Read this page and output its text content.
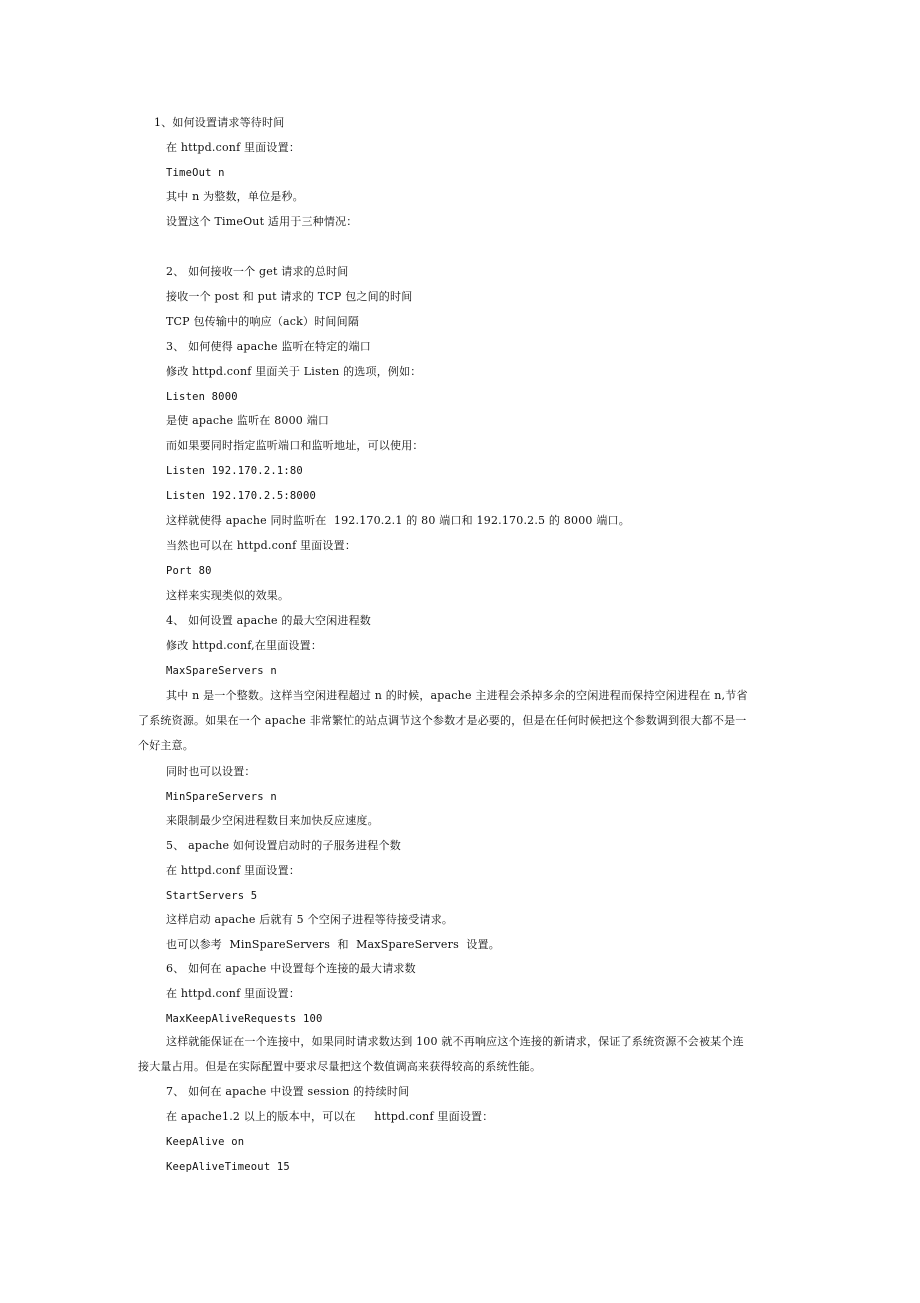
1、如何设置请求等待时间
在 httpd.conf 里面设置：
TimeOut n
其中 n 为整数，单位是秒。
设置这个 TimeOut 适用于三种情况：
2、 如何接收一个 get 请求的总时间
接收一个 post 和 put 请求的 TCP 包之间的时间
TCP 包传输中的响应（ack）时间间隔
3、 如何使得 apache 监听在特定的端口
修改 httpd.conf 里面关于 Listen 的选项，例如：
Listen 8000
是使 apache 监听在 8000 端口
而如果要同时指定监听端口和监听地址，可以使用：
Listen 192.170.2.1:80
Listen 192.170.2.5:8000
这样就使得 apache 同时监听在  192.170.2.1 的 80 端口和 192.170.2.5 的 8000 端口。
当然也可以在 httpd.conf 里面设置：
Port 80
这样来实现类似的效果。
4、 如何设置 apache 的最大空闲进程数
修改 httpd.conf,在里面设置：
MaxSpareServers n
其中 n 是一个整数。这样当空闲进程超过 n 的时候，apache 主进程会杀掉多余的空闲进程而保持空闲进程在 n,节省了系统资源。如果在一个 apache 非常繁忙的站点调节这个参数才是必要的，但是在任何时候把这个参数调到很大都不是一个好主意。
同时也可以设置：
MinSpareServers n
来限制最少空闲进程数目来加快反应速度。
5、 apache 如何设置启动时的子服务进程个数
在 httpd.conf 里面设置：
StartServers 5
这样启动 apache 后就有 5 个空闲子进程等待接受请求。
也可以参考  MinSpareServers  和  MaxSpareServers  设置。
6、 如何在 apache 中设置每个连接的最大请求数
在 httpd.conf 里面设置：
MaxKeepAliveRequests 100
这样就能保证在一个连接中，如果同时请求数达到 100 就不再响应这个连接的新请求，保证了系统资源不会被某个连接大量占用。但是在实际配置中要求尽量把这个数值调高来获得较高的系统性能。
7、 如何在 apache 中设置 session 的持续时间
在 apache1.2 以上的版本中，可以在     httpd.conf 里面设置：
KeepAlive on
KeepAliveTimeout 15
